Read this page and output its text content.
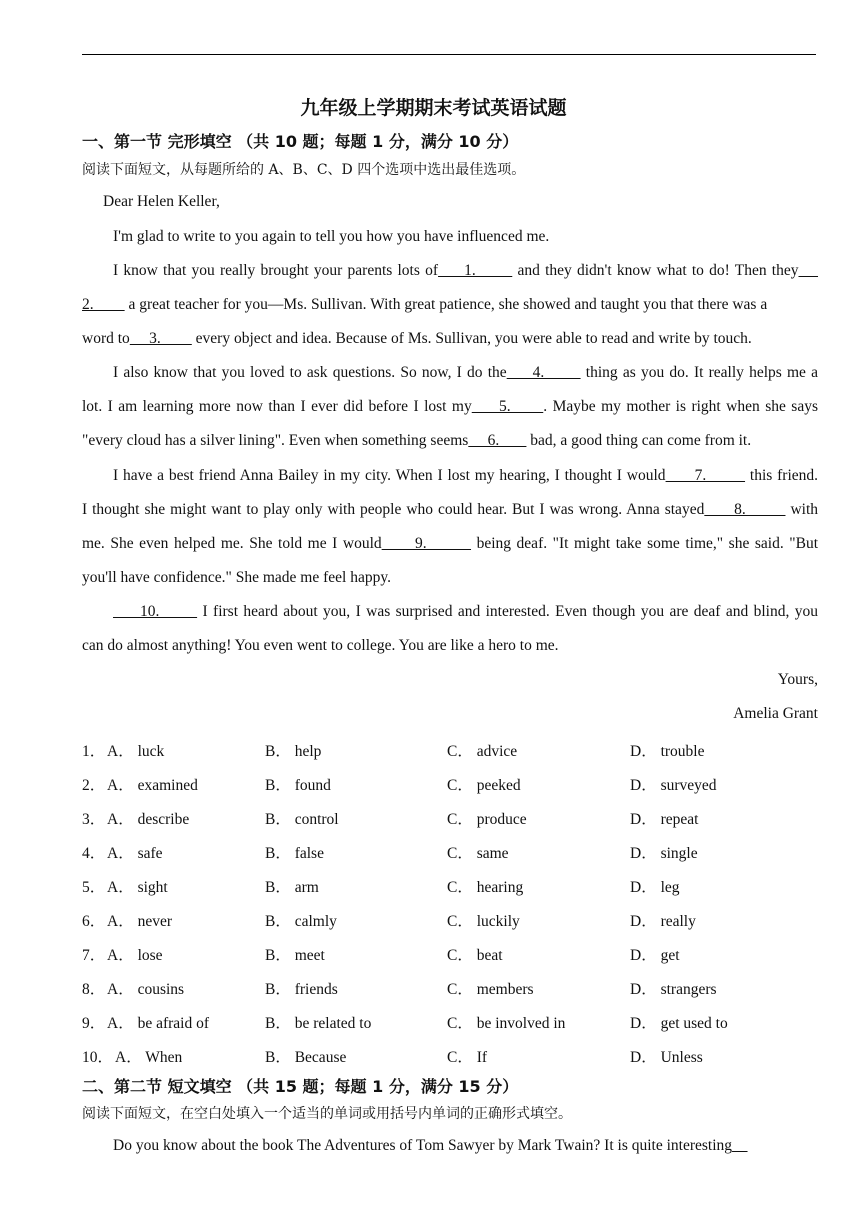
九年级上学期期末考试英语试题
一、第一节 完形填空 （共 10 题；每题 1 分，满分 10 分）
阅读下面短文，从每题所给的 A、B、C、D 四个选项中选出最佳选项。
Dear Helen Keller,
I'm glad to write to you again to tell you how you have influenced me.
I know that you really brought your parents lots of     1.        and they didn't know what to do! Then they
2.         a great teacher for you—Ms. Sullivan. With great patience, she showed and taught you that there was a
word to     3.         every object and idea. Because of Ms. Sullivan, you were able to read and write by touch.
I also know that you loved to ask questions. So now, I do the     4.        thing as you do. It really helps me a
lot. I am learning more now than I ever did before I lost my     5.      . Maybe my mother is right when she says
"every cloud has a silver lining". Even when something seems     6.        bad, a good thing can come from it.
I have a best friend Anna Bailey in my city. When I lost my hearing, I thought I would      7.         this friend.
I thought she might want to play only with people who could hear. But I was wrong. Anna stayed      8.         with
me. She even helped me. She told me I would      9.         being deaf. "It might take some time," she said. "But
you'll have confidence." She made me feel happy.
10.        I first heard about you, I was surprised and interested. Even though you are deaf and blind, you
can do almost anything! You even went to college. You are like a hero to me.
Yours,
Amelia Grant
1． A． luck	B． help	C． advice	D． trouble
2． A． examined	B． found	C． peeked	D． surveyed
3． A． describe	B． control	C． produce	D． repeat
4． A． safe	B． false	C． same	D． single
5． A． sight	B． arm	C． hearing	D． leg
6． A． never	B． calmly	C． luckily	D． really
7． A． lose	B． meet	C． beat	D． get
8． A． cousins	B． friends	C． members	D． strangers
9． A． be afraid of	B． be related to	C． be involved in	D． get used to
10． A． When	B． Because	C． If	D． Unless
二、第二节 短文填空 （共 15 题；每题 1 分，满分 15 分）
阅读下面短文，在空白处填入一个适当的单词或用括号内单词的正确形式填空。
Do you know about the book The Adventures of Tom Sawyer by Mark Twain? It is quite interesting
